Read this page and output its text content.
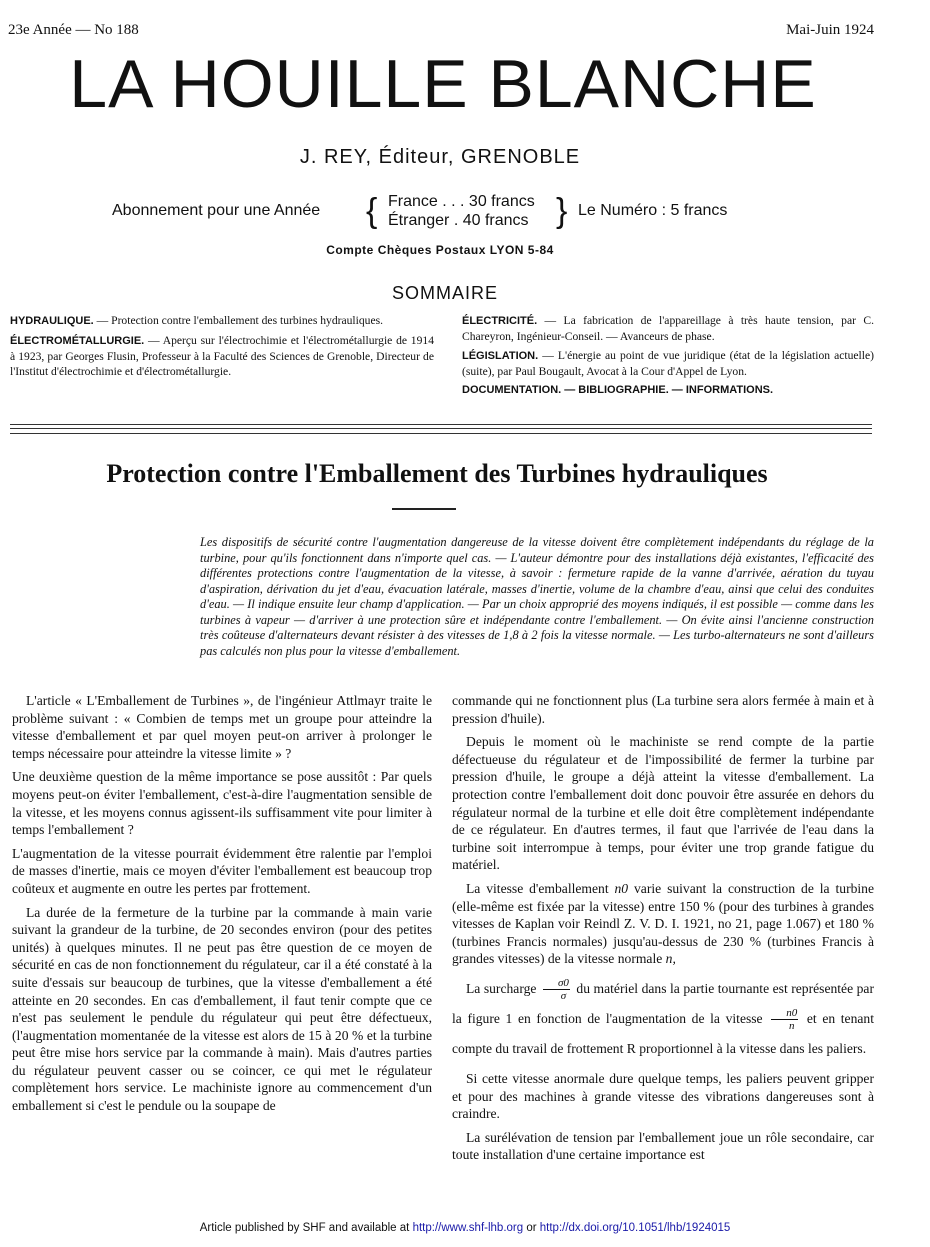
23e Année — No 188	Mai-Juin 1924
LA HOUILLE BLANCHE
J. REY, Éditeur, GRENOBLE
Abonnement pour une Année { France . . . 30 francs
Étranger . 40 francs } Le Numéro : 5 francs
Compte Chèques Postaux LYON 5-84
SOMMAIRE

HYDRAULIQUE. — Protection contre l'emballement des turbines hydrauliques.

ÉLECTROMÉTALLURGIE. — Aperçu sur l'électrochimie et l'électrométallurgie de 1914 à 1923, par Georges Flusin, Professeur à la Faculté des Sciences de Grenoble, Directeur de l'Institut d'électrochimie et d'électrométallurgie.

ÉLECTRICITÉ. — La fabrication de l'appareillage à très haute tension, par C. Chareyron, Ingénieur-Conseil. — Avanceurs de phase.

LÉGISLATION. — L'énergie au point de vue juridique (état de la législation actuelle) (suite), par Paul Bougault, Avocat à la Cour d'Appel de Lyon.

DOCUMENTATION. — BIBLIOGRAPHIE. — INFORMATIONS.

Protection contre l'Emballement des Turbines hydrauliques
Les dispositifs de sécurité contre l'augmentation dangereuse de la vitesse doivent être complètement indépendants du réglage de la turbine, pour qu'ils fonctionnent dans n'importe quel cas. — L'auteur démontre pour des installations déjà existantes, l'efficacité des différentes protections contre l'augmentation de la vitesse, à savoir : fermeture rapide de la vanne d'arrivée, aération du tuyau d'aspiration, dérivation du jet d'eau, évacuation latérale, masses d'inertie, volume de la chambre d'eau, ainsi que celui des conduites d'eau. — Il indique ensuite leur champ d'application. — Par un choix approprié des moyens indiqués, il est possible — comme dans les turbines à vapeur — d'arriver à une protection sûre et indépendante contre l'emballement. — On évite ainsi l'ancienne construction très coûteuse d'alternateurs devant résister à des vitesses de 1,8 à 2 fois la vitesse normale. — Les turbo-alternateurs ne sont d'ailleurs pas calculés non plus pour la vitesse d'emballement.

L'article « L'Emballement de Turbines », de l'ingénieur Attlmayr traite le problème suivant : « Combien de temps met un groupe pour atteindre la vitesse d'emballement et par quel moyen peut-on arriver à prolonger le temps nécessaire pour atteindre la vitesse limite » ?

Une deuxième question de la même importance se pose aussitôt : Par quels moyens peut-on éviter l'emballement, c'est-à-dire l'augmentation sensible de la vitesse, et les moyens connus agissent-ils suffisamment vite pour limiter à temps l'emballement ?

L'augmentation de la vitesse pourrait évidemment être ralentie par l'emploi de masses d'inertie, mais ce moyen d'éviter l'emballement est beaucoup trop coûteux et augmente en outre les pertes par frottement.

La durée de la fermeture de la turbine par la commande à main varie suivant la grandeur de la turbine, de 20 secondes environ (pour des petites unités) à quelques minutes. Il ne peut pas être question de ce moyen de sécurité en cas de non fonctionnement du régulateur, car il a été constaté à la suite d'essais sur beaucoup de turbines, que la vitesse d'emballement a été atteinte en 20 secondes. En cas d'emballement, il faut tenir compte que ce n'est pas seulement le pendule du régulateur qui peut être défectueux, (l'augmentation momentanée de la vitesse est alors de 15 à 20 % et la turbine peut être mise hors service par la commande à main). Mais d'autres parties du régulateur peuvent casser ou se coincer, ce qui met le régulateur complètement hors service. Le machiniste ignore au commencement d'un emballement si c'est le pendule ou la soupape de

commande qui ne fonctionnent plus (La turbine sera alors fermée à main et à pression d'huile).

Depuis le moment où le machiniste se rend compte de la partie défectueuse du régulateur et de l'impossibilité de fermer la turbine par pression d'huile, le groupe a déjà atteint la vitesse d'emballement. La protection contre l'emballement doit donc pouvoir être assurée en dehors du régulateur normal de la turbine et elle doit être complètement indépendante de ce régulateur. En d'autres termes, il faut que l'arrivée de l'eau dans la turbine soit interrompue à temps, pour éviter une trop grande fatigue du matériel.

La vitesse d'emballement n0 varie suivant la construction de la turbine (elle-même est fixée par la vitesse) entre 150 % (pour des turbines à grandes vitesses de Kaplan voir Reindl Z. V. D. I. 1921, no 21, page 1.067) et 180 % (turbines Francis normales) jusqu'au-dessus de 230 % (turbines Francis à grandes vitesses) de la vitesse normale n,

La surcharge $\frac{\sigma 0}{\sigma}$ du matériel dans la partie tournante est représentée par la figure 1 en fonction de l'augmentation de la vitesse $\frac{n0}{n}$ et en tenant compte du travail de frottement R proportionnel à la vitesse dans les paliers.

Si cette vitesse anormale dure quelque temps, les paliers peuvent gripper et pour des machines à grande vitesse des vibrations dangereuses sont à craindre.

La surélévation de tension par l'emballement joue un rôle secondaire, car toute installation d'une certaine importance est

Article published by SHF and available at http://www.shf-lhb.org or http://dx.doi.org/10.1051/lhb/1924015
